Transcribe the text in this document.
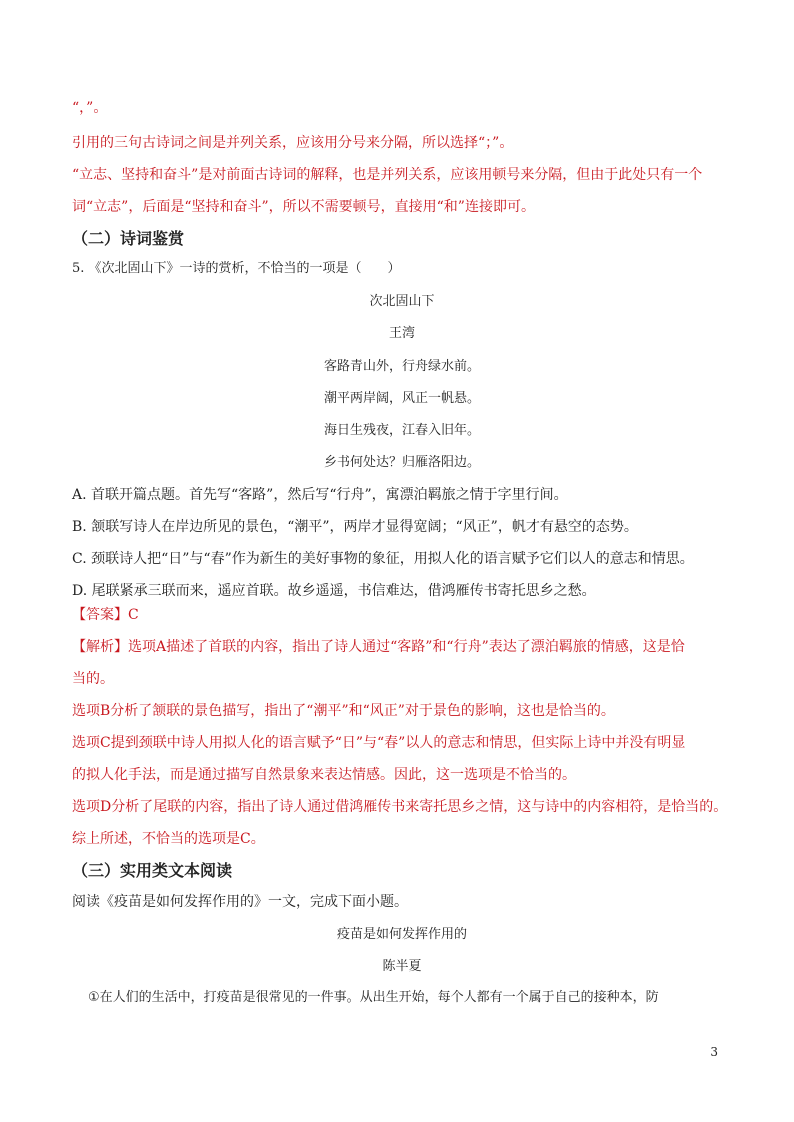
“，”。
引用的三句古诗词之间是并列关系，应该用分号来分隔，所以选择“；”。
“立志、坚持和奋斗”是对前面古诗词的解释，也是并列关系，应该用顿号来分隔，但由于此处只有一个
词“立志”，后面是“坚持和奋斗”，所以不需要顿号，直接用“和”连接即可。
（二）诗词鉴赏
5. 《次北固山下》一诗的赏析，不恰当的一项是（　　）
次北固山下
王湾
客路青山外，行舟绿水前。
潮平两岸阔，风正一帆悬。
海日生残夜，江春入旧年。
乡书何处达？归雁洛阳边。
A. 首联开篇点题。首先写“客路”，然后写“行舟”，寓漂泊羁旅之情于字里行间。
B. 颔联写诗人在岸边所见的景色，“潮平”，两岸才显得宽阔；“风正”，帆才有悬空的态势。
C. 颈联诗人把“日”与“春”作为新生的美好事物的象征，用拟人化的语言赋予它们以人的意志和情思。
D. 尾联紧承三联而来，遥应首联。故乡遥遥，书信难达，借鸿雁传书寄托思乡之愁。
【答案】C
【解析】选项A描述了首联的内容，指出了诗人通过“客路”和“行舟”表达了漂泊羁旅的情感，这是恰
当的。
选项B分析了颔联的景色描写，指出了“潮平”和“风正”对于景色的影响，这也是恰当的。
选项C提到颈联中诗人用拟人化的语言赋予“日”与“春”以人的意志和情思，但实际上诗中并没有明显
的拟人化手法，而是通过描写自然景象来表达情感。因此，这一选项是不恰当的。
选项D分析了尾联的内容，指出了诗人通过借鸿雁传书来寄托思乡之情，这与诗中的内容相符，是恰当的。
综上所述，不恰当的选项是C。
（三）实用类文本阅读
阅读《疫苗是如何发挥作用的》一文，完成下面小题。
疫苗是如何发挥作用的
陈半夏
①在人们的生活中，打疫苗是很常见的一件事。从出生开始，每个人都有一个属于自己的接种本，防
3
